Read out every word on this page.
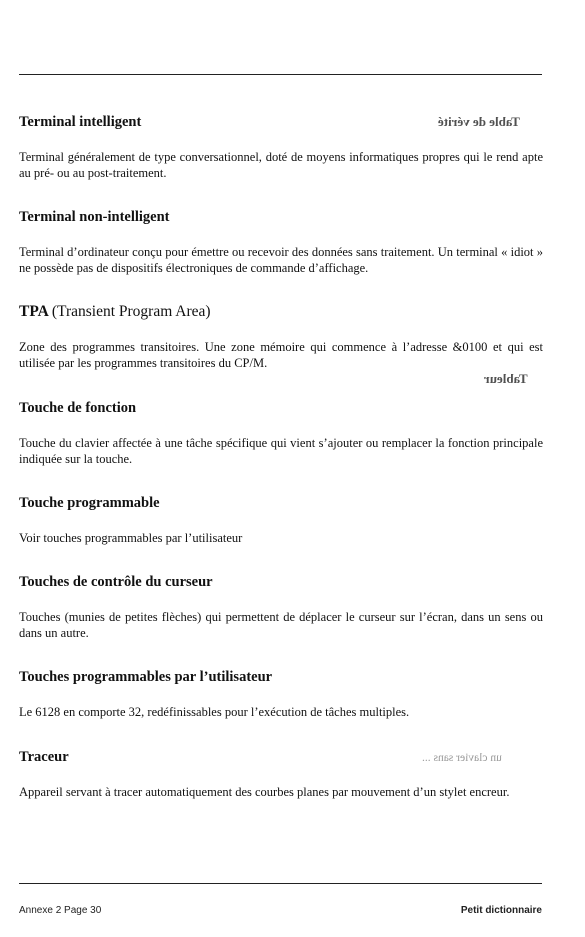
Table de vérité
Tableur
un clavier sans ...
Terminal intelligent
Terminal généralement de type conversationnel, doté de moyens informatiques propres qui le rend apte au pré- ou au post-traitement.
Terminal non-intelligent
Terminal d’ordinateur conçu pour émettre ou recevoir des données sans traitement. Un terminal « idiot » ne possède pas de dispositifs électroniques de commande d’affichage.
TPA (Transient Program Area)
Zone des programmes transitoires. Une zone mémoire qui commence à l’adresse &0100 et qui est utilisée par les programmes transitoires du CP/M.
Touche de fonction
Touche du clavier affectée à une tâche spécifique qui vient s’ajouter ou remplacer la fonction principale indiquée sur la touche.
Touche programmable
Voir touches programmables par l’utilisateur
Touches de contrôle du curseur
Touches (munies de petites flèches) qui permettent de déplacer le curseur sur l’écran, dans un sens ou dans un autre.
Touches programmables par l’utilisateur
Le 6128 en comporte 32, redéfinissables pour l’exécution de tâches multiples.
Traceur
Appareil servant à tracer automatiquement des courbes planes par mouvement d’un stylet encreur.
Annexe 2 Page 30	Petit dictionnaire
